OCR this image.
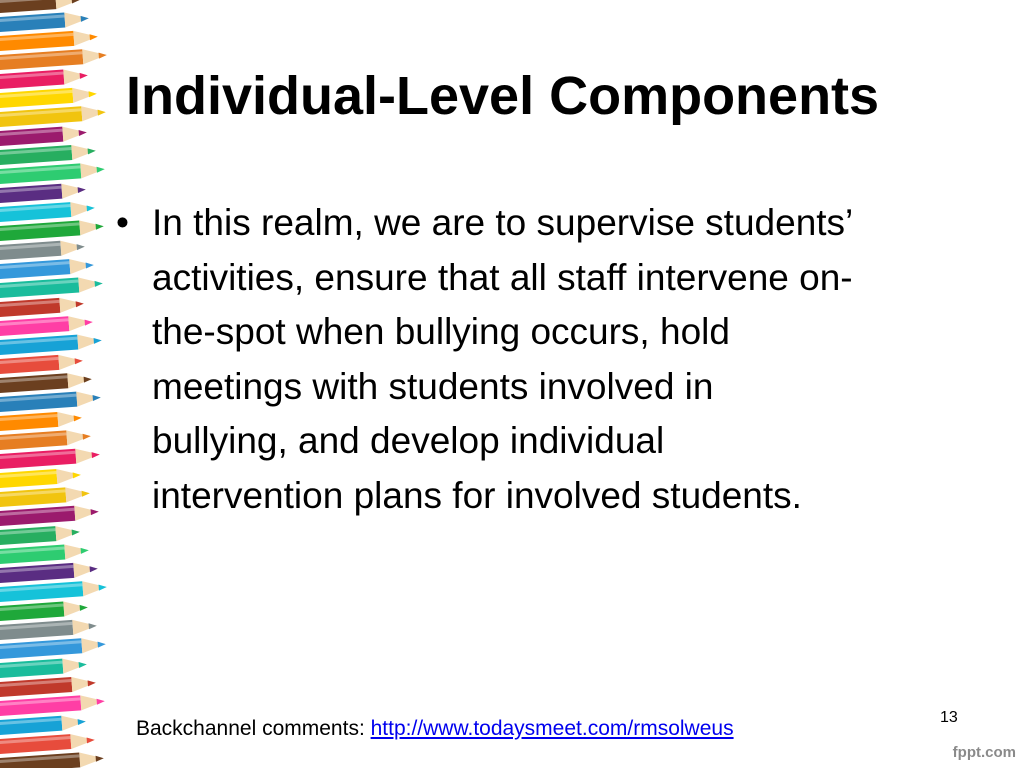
Individual-Level Components
• In this realm, we are to supervise students’
activities, ensure that all staff intervene on-
the-spot when bullying occurs, hold
meetings with students involved in
bullying, and develop individual
intervention plans for involved students.
Backchannel comments: http://www.todaysmeet.com/rmsolweus	13
fppt.com
